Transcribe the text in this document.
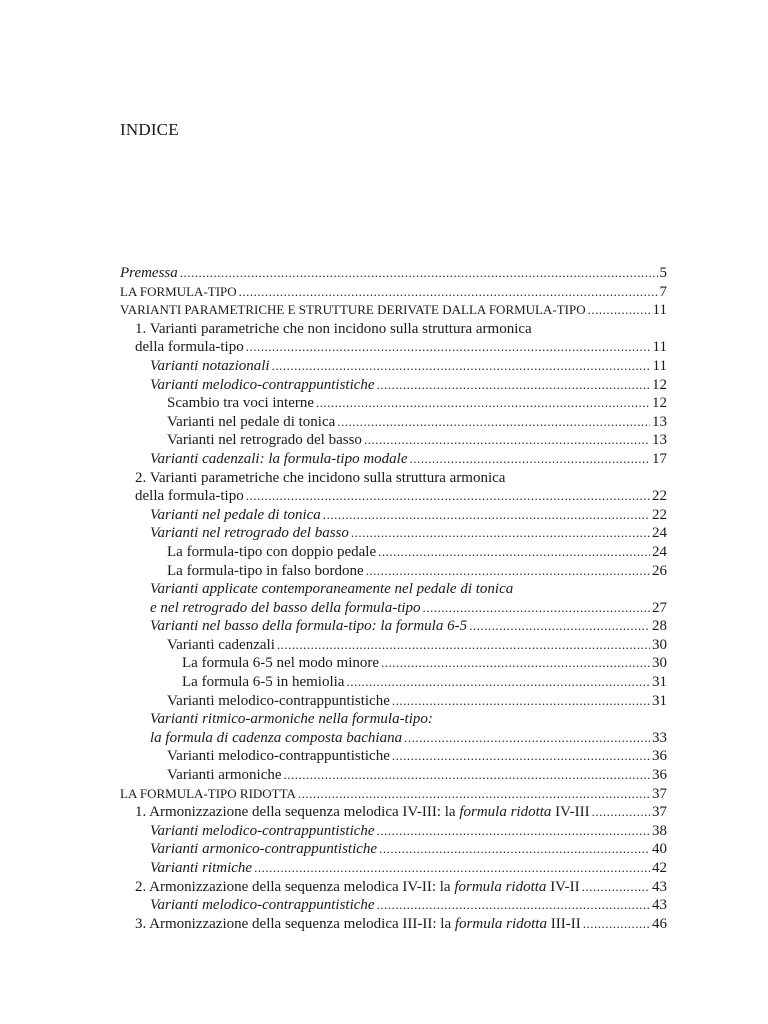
INDICE
Premessa .....	5
LA FORMULA-TIPO .....	7
VARIANTI PARAMETRICHE E STRUTTURE DERIVATE DALLA FORMULA-TIPO .....	11
1. Varianti parametriche che non incidono sulla struttura armonica
della formula-tipo .....	11
Varianti notazionali .....	11
Varianti melodico-contrappuntistiche .....	12
Scambio tra voci interne .....	12
Varianti nel pedale di tonica .....	13
Varianti nel retrogrado del basso .....	13
Varianti cadenzali: la formula-tipo modale .....	17
2. Varianti parametriche che incidono sulla struttura armonica
della formula-tipo .....	22
Varianti nel pedale di tonica .....	22
Varianti nel retrogrado del basso .....	24
La formula-tipo con doppio pedale .....	24
La formula-tipo in falso bordone .....	26
Varianti applicate contemporaneamente nel pedale di tonica
e nel retrogrado del basso della formula-tipo .....	27
Varianti nel basso della formula-tipo: la formula 6-5 .....	28
Varianti cadenzali .....	30
La formula 6-5 nel modo minore .....	30
La formula 6-5 in hemiolia .....	31
Varianti melodico-contrappuntistiche .....	31
Varianti ritmico-armoniche nella formula-tipo:
la formula di cadenza composta bachiana .....	33
Varianti melodico-contrappuntistiche .....	36
Varianti armoniche .....	36
LA FORMULA-TIPO RIDOTTA .....	37
1. Armonizzazione della sequenza melodica IV-III: la formula ridotta IV-III .....	37
Varianti melodico-contrappuntistiche .....	38
Varianti armonico-contrappuntistiche .....	40
Varianti ritmiche .....	42
2. Armonizzazione della sequenza melodica IV-II: la formula ridotta IV-II .....	43
Varianti melodico-contrappuntistiche .....	43
3. Armonizzazione della sequenza melodica III-II: la formula ridotta III-II .....	46
